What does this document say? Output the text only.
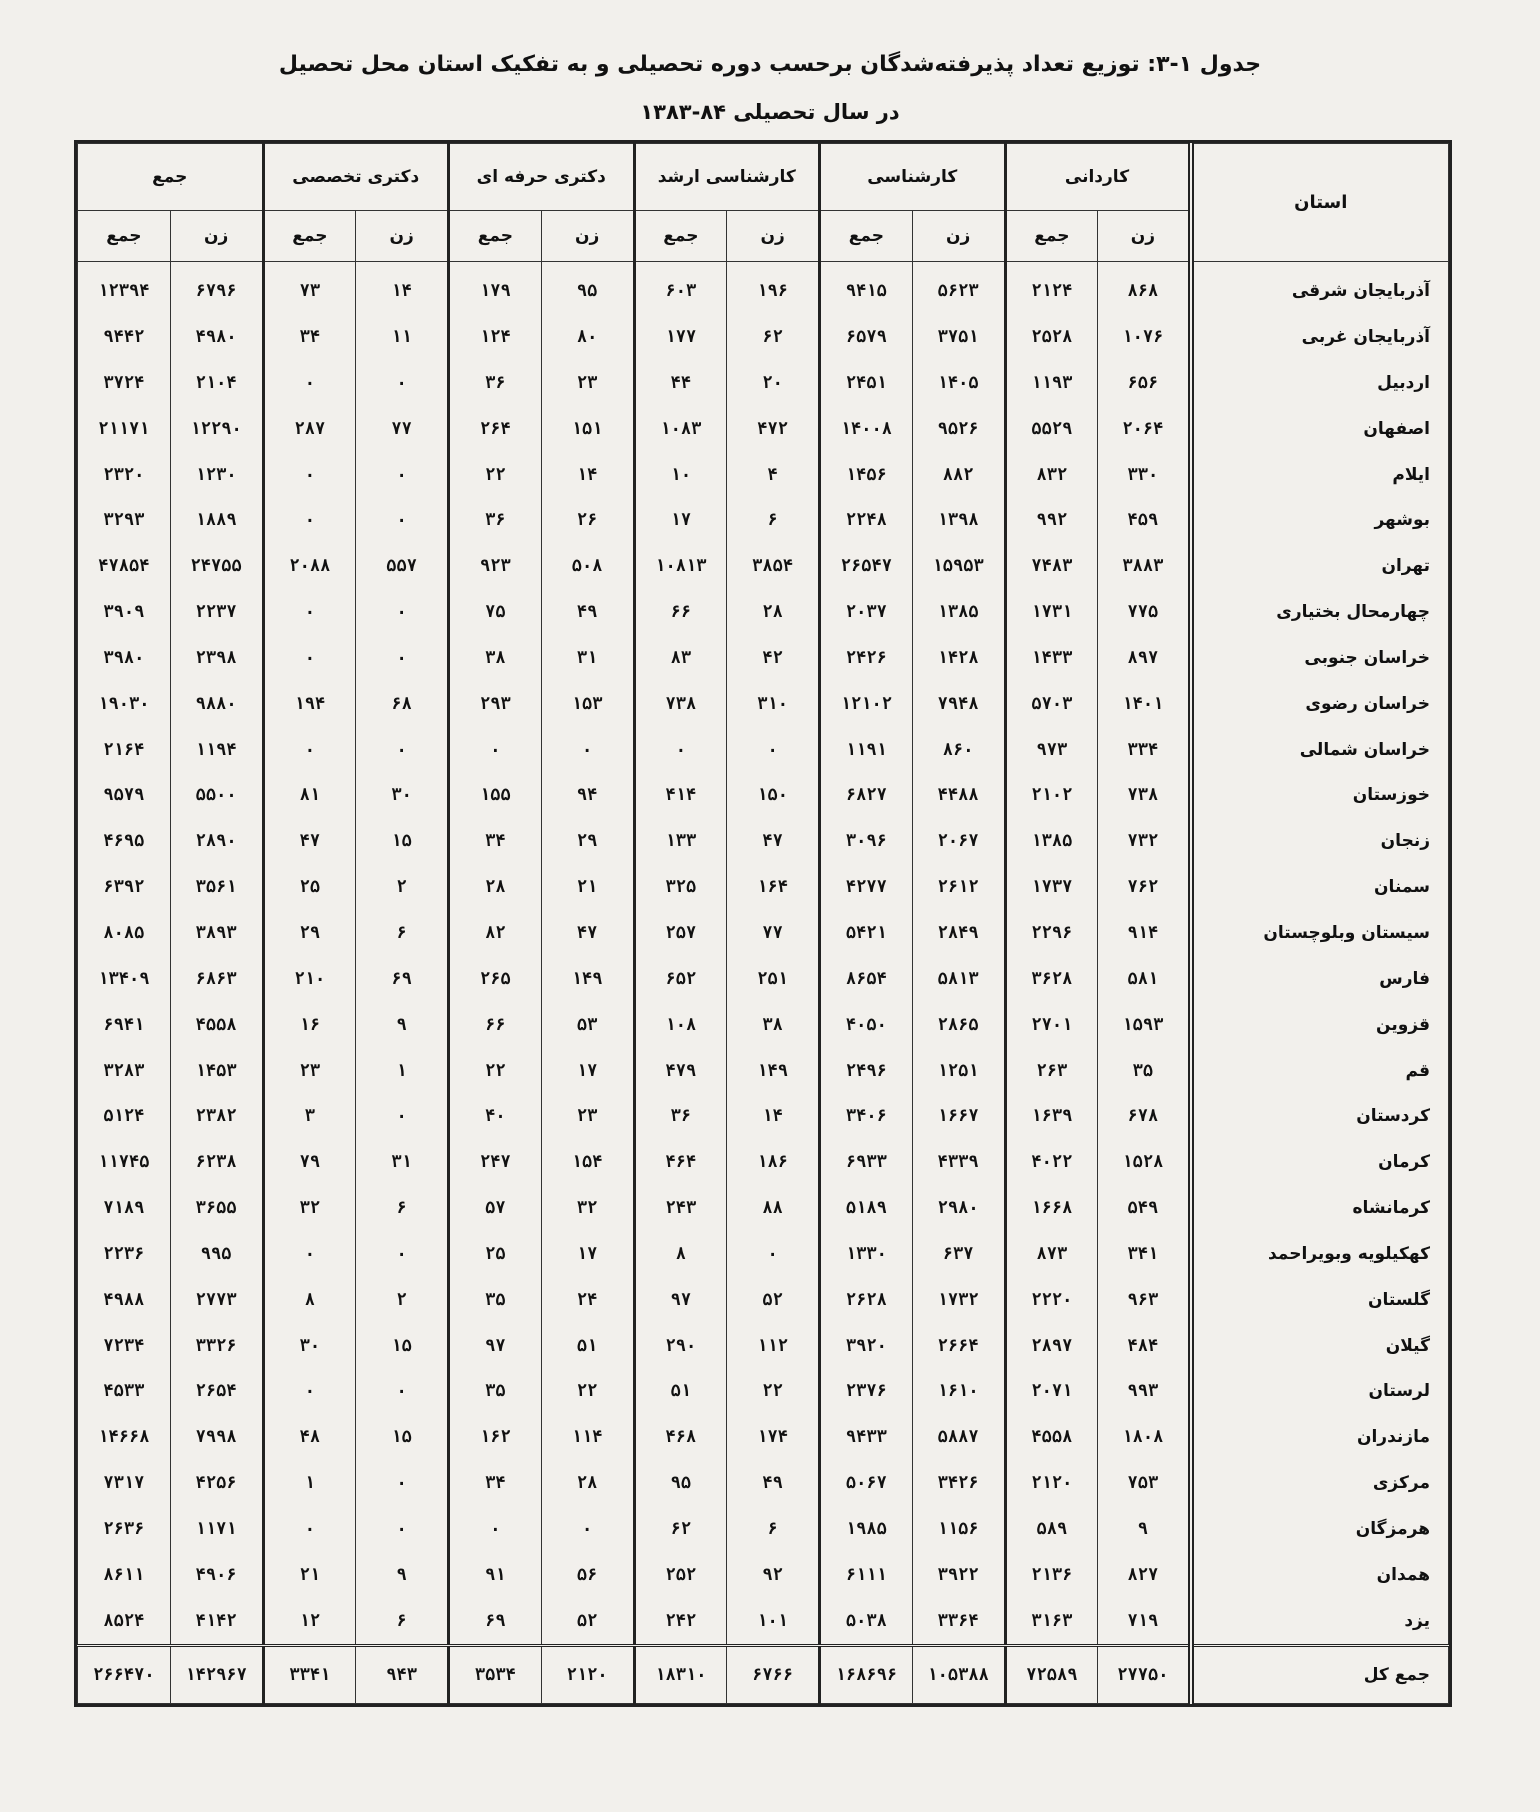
جدول ۱-۳: توزیع تعداد پذیرفته‌شدگان برحسب دوره تحصیلی و به تفکیک استان محل تحصیل
در سال تحصیلی ۸۴-۱۳۸۳
استان	کاردانی		کارشناسی		کارشناسی ارشد		دکتری حرفه ای		دکتری تخصصی		جمع	
	زن	جمع	زن	جمع	زن	جمع	زن	جمع	زن	جمع	زن	جمع
آذربایجان شرقی	۸۶۸	۲۱۲۴	۵۶۲۳	۹۴۱۵	۱۹۶	۶۰۳	۹۵	۱۷۹	۱۴	۷۳	۶۷۹۶	۱۲۳۹۴
آذربایجان غربی	۱۰۷۶	۲۵۲۸	۳۷۵۱	۶۵۷۹	۶۲	۱۷۷	۸۰	۱۲۴	۱۱	۳۴	۴۹۸۰	۹۴۴۲
اردبیل	۶۵۶	۱۱۹۳	۱۴۰۵	۲۴۵۱	۲۰	۴۴	۲۳	۳۶	۰	۰	۲۱۰۴	۳۷۲۴
اصفهان	۲۰۶۴	۵۵۲۹	۹۵۲۶	۱۴۰۰۸	۴۷۲	۱۰۸۳	۱۵۱	۲۶۴	۷۷	۲۸۷	۱۲۲۹۰	۲۱۱۷۱
ایلام	۳۳۰	۸۳۲	۸۸۲	۱۴۵۶	۴	۱۰	۱۴	۲۲	۰	۰	۱۲۳۰	۲۳۲۰
بوشهر	۴۵۹	۹۹۲	۱۳۹۸	۲۲۴۸	۶	۱۷	۲۶	۳۶	۰	۰	۱۸۸۹	۳۲۹۳
تهران	۳۸۸۳	۷۴۸۳	۱۵۹۵۳	۲۶۵۴۷	۳۸۵۴	۱۰۸۱۳	۵۰۸	۹۲۳	۵۵۷	۲۰۸۸	۲۴۷۵۵	۴۷۸۵۴
چهارمحال بختیاری	۷۷۵	۱۷۳۱	۱۳۸۵	۲۰۳۷	۲۸	۶۶	۴۹	۷۵	۰	۰	۲۲۳۷	۳۹۰۹
خراسان جنوبی	۸۹۷	۱۴۳۳	۱۴۲۸	۲۴۲۶	۴۲	۸۳	۳۱	۳۸	۰	۰	۲۳۹۸	۳۹۸۰
خراسان رضوی	۱۴۰۱	۵۷۰۳	۷۹۴۸	۱۲۱۰۲	۳۱۰	۷۳۸	۱۵۳	۲۹۳	۶۸	۱۹۴	۹۸۸۰	۱۹۰۳۰
خراسان شمالی	۳۳۴	۹۷۳	۸۶۰	۱۱۹۱	۰	۰	۰	۰	۰	۰	۱۱۹۴	۲۱۶۴
خوزستان	۷۳۸	۲۱۰۲	۴۴۸۸	۶۸۲۷	۱۵۰	۴۱۴	۹۴	۱۵۵	۳۰	۸۱	۵۵۰۰	۹۵۷۹
زنجان	۷۳۲	۱۳۸۵	۲۰۶۷	۳۰۹۶	۴۷	۱۳۳	۲۹	۳۴	۱۵	۴۷	۲۸۹۰	۴۶۹۵
سمنان	۷۶۲	۱۷۳۷	۲۶۱۲	۴۲۷۷	۱۶۴	۳۲۵	۲۱	۲۸	۲	۲۵	۳۵۶۱	۶۳۹۲
سیستان وبلوچستان	۹۱۴	۲۲۹۶	۲۸۴۹	۵۴۲۱	۷۷	۲۵۷	۴۷	۸۲	۶	۲۹	۳۸۹۳	۸۰۸۵
فارس	۵۸۱	۳۶۲۸	۵۸۱۳	۸۶۵۴	۲۵۱	۶۵۲	۱۴۹	۲۶۵	۶۹	۲۱۰	۶۸۶۳	۱۳۴۰۹
قزوین	۱۵۹۳	۲۷۰۱	۲۸۶۵	۴۰۵۰	۳۸	۱۰۸	۵۳	۶۶	۹	۱۶	۴۵۵۸	۶۹۴۱
قم	۳۵	۲۶۳	۱۲۵۱	۲۴۹۶	۱۴۹	۴۷۹	۱۷	۲۲	۱	۲۳	۱۴۵۳	۳۲۸۳
کردستان	۶۷۸	۱۶۳۹	۱۶۶۷	۳۴۰۶	۱۴	۳۶	۲۳	۴۰	۰	۳	۲۳۸۲	۵۱۲۴
کرمان	۱۵۲۸	۴۰۲۲	۴۳۳۹	۶۹۳۳	۱۸۶	۴۶۴	۱۵۴	۲۴۷	۳۱	۷۹	۶۲۳۸	۱۱۷۴۵
کرمانشاه	۵۴۹	۱۶۶۸	۲۹۸۰	۵۱۸۹	۸۸	۲۴۳	۳۲	۵۷	۶	۳۲	۳۶۵۵	۷۱۸۹
کهکیلویه وبویراحمد	۳۴۱	۸۷۳	۶۳۷	۱۳۳۰	۰	۸	۱۷	۲۵	۰	۰	۹۹۵	۲۲۳۶
گلستان	۹۶۳	۲۲۲۰	۱۷۳۲	۲۶۲۸	۵۲	۹۷	۲۴	۳۵	۲	۸	۲۷۷۳	۴۹۸۸
گیلان	۴۸۴	۲۸۹۷	۲۶۶۴	۳۹۲۰	۱۱۲	۲۹۰	۵۱	۹۷	۱۵	۳۰	۳۳۲۶	۷۲۳۴
لرستان	۹۹۳	۲۰۷۱	۱۶۱۰	۲۳۷۶	۲۲	۵۱	۲۲	۳۵	۰	۰	۲۶۵۴	۴۵۳۳
مازندران	۱۸۰۸	۴۵۵۸	۵۸۸۷	۹۴۳۳	۱۷۴	۴۶۸	۱۱۴	۱۶۲	۱۵	۴۸	۷۹۹۸	۱۴۶۶۸
مرکزی	۷۵۳	۲۱۲۰	۳۴۲۶	۵۰۶۷	۴۹	۹۵	۲۸	۳۴	۰	۱	۴۲۵۶	۷۳۱۷
هرمزگان	۹	۵۸۹	۱۱۵۶	۱۹۸۵	۶	۶۲	۰	۰	۰	۰	۱۱۷۱	۲۶۳۶
همدان	۸۲۷	۲۱۳۶	۳۹۲۲	۶۱۱۱	۹۲	۲۵۲	۵۶	۹۱	۹	۲۱	۴۹۰۶	۸۶۱۱
یزد	۷۱۹	۳۱۶۳	۳۳۶۴	۵۰۳۸	۱۰۱	۲۴۲	۵۲	۶۹	۶	۱۲	۴۱۴۲	۸۵۲۴
جمع کل	۲۷۷۵۰	۷۲۵۸۹	۱۰۵۳۸۸	۱۶۸۶۹۶	۶۷۶۶	۱۸۳۱۰	۲۱۲۰	۳۵۳۴	۹۴۳	۳۳۴۱	۱۴۲۹۶۷	۲۶۶۴۷۰
